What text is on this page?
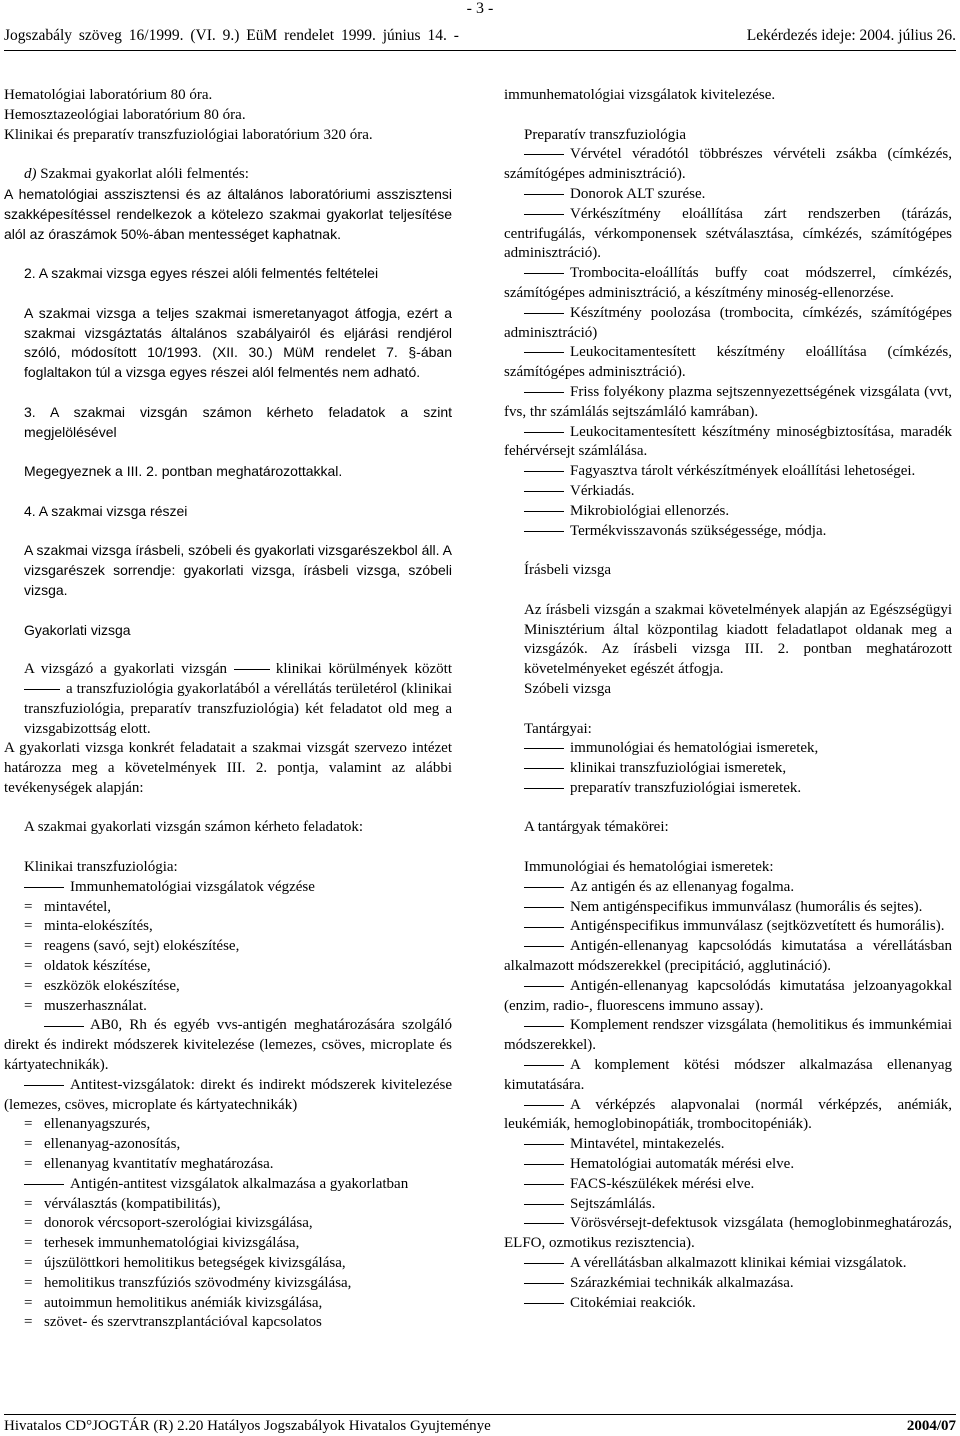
- 3 -
Jogszabály szöveg 16/1999. (VI. 9.) EüM rendelet 1999. június 14. -	Lekérdezés ideje: 2004. július 26.

Hematológiai laboratórium 80 óra.

Hemosztazeológiai laboratórium 80 óra.

Klinikai és preparatív transzfuziológiai laboratórium 320 óra.

d) Szakmai gyakorlat alóli felmentés:

A hematológiai asszisztensi és az általános laboratóriumi asszisztensi szakképesítéssel rendelkezok a kötelezo szakmai gyakorlat teljesítése alól az óraszámok 50%-ában mentességet kaphatnak.

2. A szakmai vizsga egyes részei alóli felmentés feltételei

A szakmai vizsga a teljes szakmai ismeretanyagot átfogja, ezért a szakmai vizsgáztatás általános szabályairól és eljárási rendjérol szóló, módosított 10/1993. (XII. 30.) MüM rendelet 7. §-ában foglaltakon túl a vizsga egyes részei alól felmentés nem adható.

3. A szakmai vizsgán számon kérheto feladatok a szint megjelölésével

Megegyeznek a III. 2. pontban meghatározottakkal.

4. A szakmai vizsga részei

A szakmai vizsga írásbeli, szóbeli és gyakorlati vizsgarészekbol áll. A vizsgarészek sorrendje: gyakorlati vizsga, írásbeli vizsga, szóbeli vizsga.

Gyakorlati vizsga

A vizsgázó a gyakorlati vizsgán	klinikai körülmények között a transzfuziológia gyakorlatából a vérellátás területérol (klinikai transzfuziológia, preparatív transzfuziológia) két feladatot old meg a vizsgabizottság elott.

A gyakorlati vizsga konkrét feladatait a szakmai vizsgát szervezo intézet határozza meg a követelmények III. 2. pontja, valamint az alábbi tevékenységek alapján:

A szakmai gyakorlati vizsgán számon kérheto feladatok:

Klinikai transzfuziológia:

Immunhematológiai vizsgálatok végzése

= mintavétel,

= minta-elokészítés,

= reagens (savó, sejt) elokészítése,

= oldatok készítése,

= eszközök elokészítése,

= muszerhasználat.

AB0, Rh és egyéb vvs-antigén meghatározására szolgáló direkt és indirekt módszerek kivitelezése (lemezes, csöves, microplate és kártyatechnikák).

Antitest-vizsgálatok: direkt és indirekt módszerek kivitelezése (lemezes, csöves, microplate és kártyatechnikák)

= ellenanyagszurés,

= ellenanyag-azonosítás,

= ellenanyag kvantitatív meghatározása.

Antigén-antitest vizsgálatok alkalmazása a gyakorlatban

= vérválasztás (kompatibilitás),

= donorok vércsoport-szerológiai kivizsgálása,

= terhesek immunhematológiai kivizsgálása,

= újszülöttkori hemolitikus betegségek kivizsgálása,

= hemolitikus transzfúziós szövodmény kivizsgálása,

= autoimmun hemolitikus anémiák kivizsgálása,

= szövet- és szervtranszplantációval kapcsolatos

immunhematológiai vizsgálatok kivitelezése.

Preparatív transzfuziológia

Vérvétel véradótól többrészes vérvételi zsákba (címkézés, számítógépes adminisztráció).

Donorok ALT szurése.

Vérkészítmény eloállítása zárt rendszerben (tárázás, centrifugálás, vérkomponensek szétválasztása, címkézés, számítógépes adminisztráció).

Trombocita-eloállítás buffy coat módszerrel, címkézés, számítógépes adminisztráció, a készítmény minoség-ellenorzése.

Készítmény poolozása (trombocita, címkézés, számítógépes adminisztráció)

Leukocitamentesített készítmény eloállítása (címkézés, számítógépes adminisztráció).

Friss folyékony plazma sejtszennyezettségének vizsgálata (vvt, fvs, thr számlálás sejtszámláló kamrában).

Leukocitamentesített készítmény minoségbiztosítása, maradék fehérvérsejt számlálása.

Fagyasztva tárolt vérkészítmények eloállítási lehetoségei.

Vérkiadás.

Mikrobiológiai ellenorzés.

Termékvisszavonás szükségessége, módja.

Írásbeli vizsga

Az írásbeli vizsgán a szakmai követelmények alapján az Egészségügyi Minisztérium által központilag kiadott feladatlapot oldanak meg a vizsgázók. Az írásbeli vizsga III. 2. pontban meghatározott követelményeket egészét átfogja.

Szóbeli vizsga

Tantárgyai:

immunológiai és hematológiai ismeretek,

klinikai transzfuziológiai ismeretek,

preparatív transzfuziológiai ismeretek.

A tantárgyak témakörei:

Immunológiai és hematológiai ismeretek:

Az antigén és az ellenanyag fogalma.

Nem antigénspecifikus immunválasz (humorális és sejtes).

Antigénspecifikus immunválasz (sejtközvetített és humorális).

Antigén-ellenanyag kapcsolódás kimutatása a vérellátásban alkalmazott módszerekkel (precipitáció, agglutináció).

Antigén-ellenanyag kapcsolódás kimutatása jelzoanyagokkal (enzim, radio-, fluorescens immuno assay).

Komplement rendszer vizsgálata (hemolitikus és immunkémiai módszerekkel).

A komplement kötési módszer alkalmazása ellenanyag kimutatására.

A vérképzés alapvonalai (normál vérképzés, anémiák, leukémiák, hemoglobinopátiák, trombocitopéniák).

Mintavétel, mintakezelés.

Hematológiai automaták mérési elve.

FACS-készülékek mérési elve.

Sejtszámlálás.

Vörösvérsejt-defektusok vizsgálata (hemoglobinmeghatározás, ELFO, ozmotikus rezisztencia).

A vérellátásban alkalmazott klinikai kémiai vizsgálatok.

Szárazkémiai technikák alkalmazása.

Citokémiai reakciók.

Hivatalos CD°JOGTÁR (R) 2.20 Hatályos Jogszabályok Hivatalos Gyujteménye	2004/07
